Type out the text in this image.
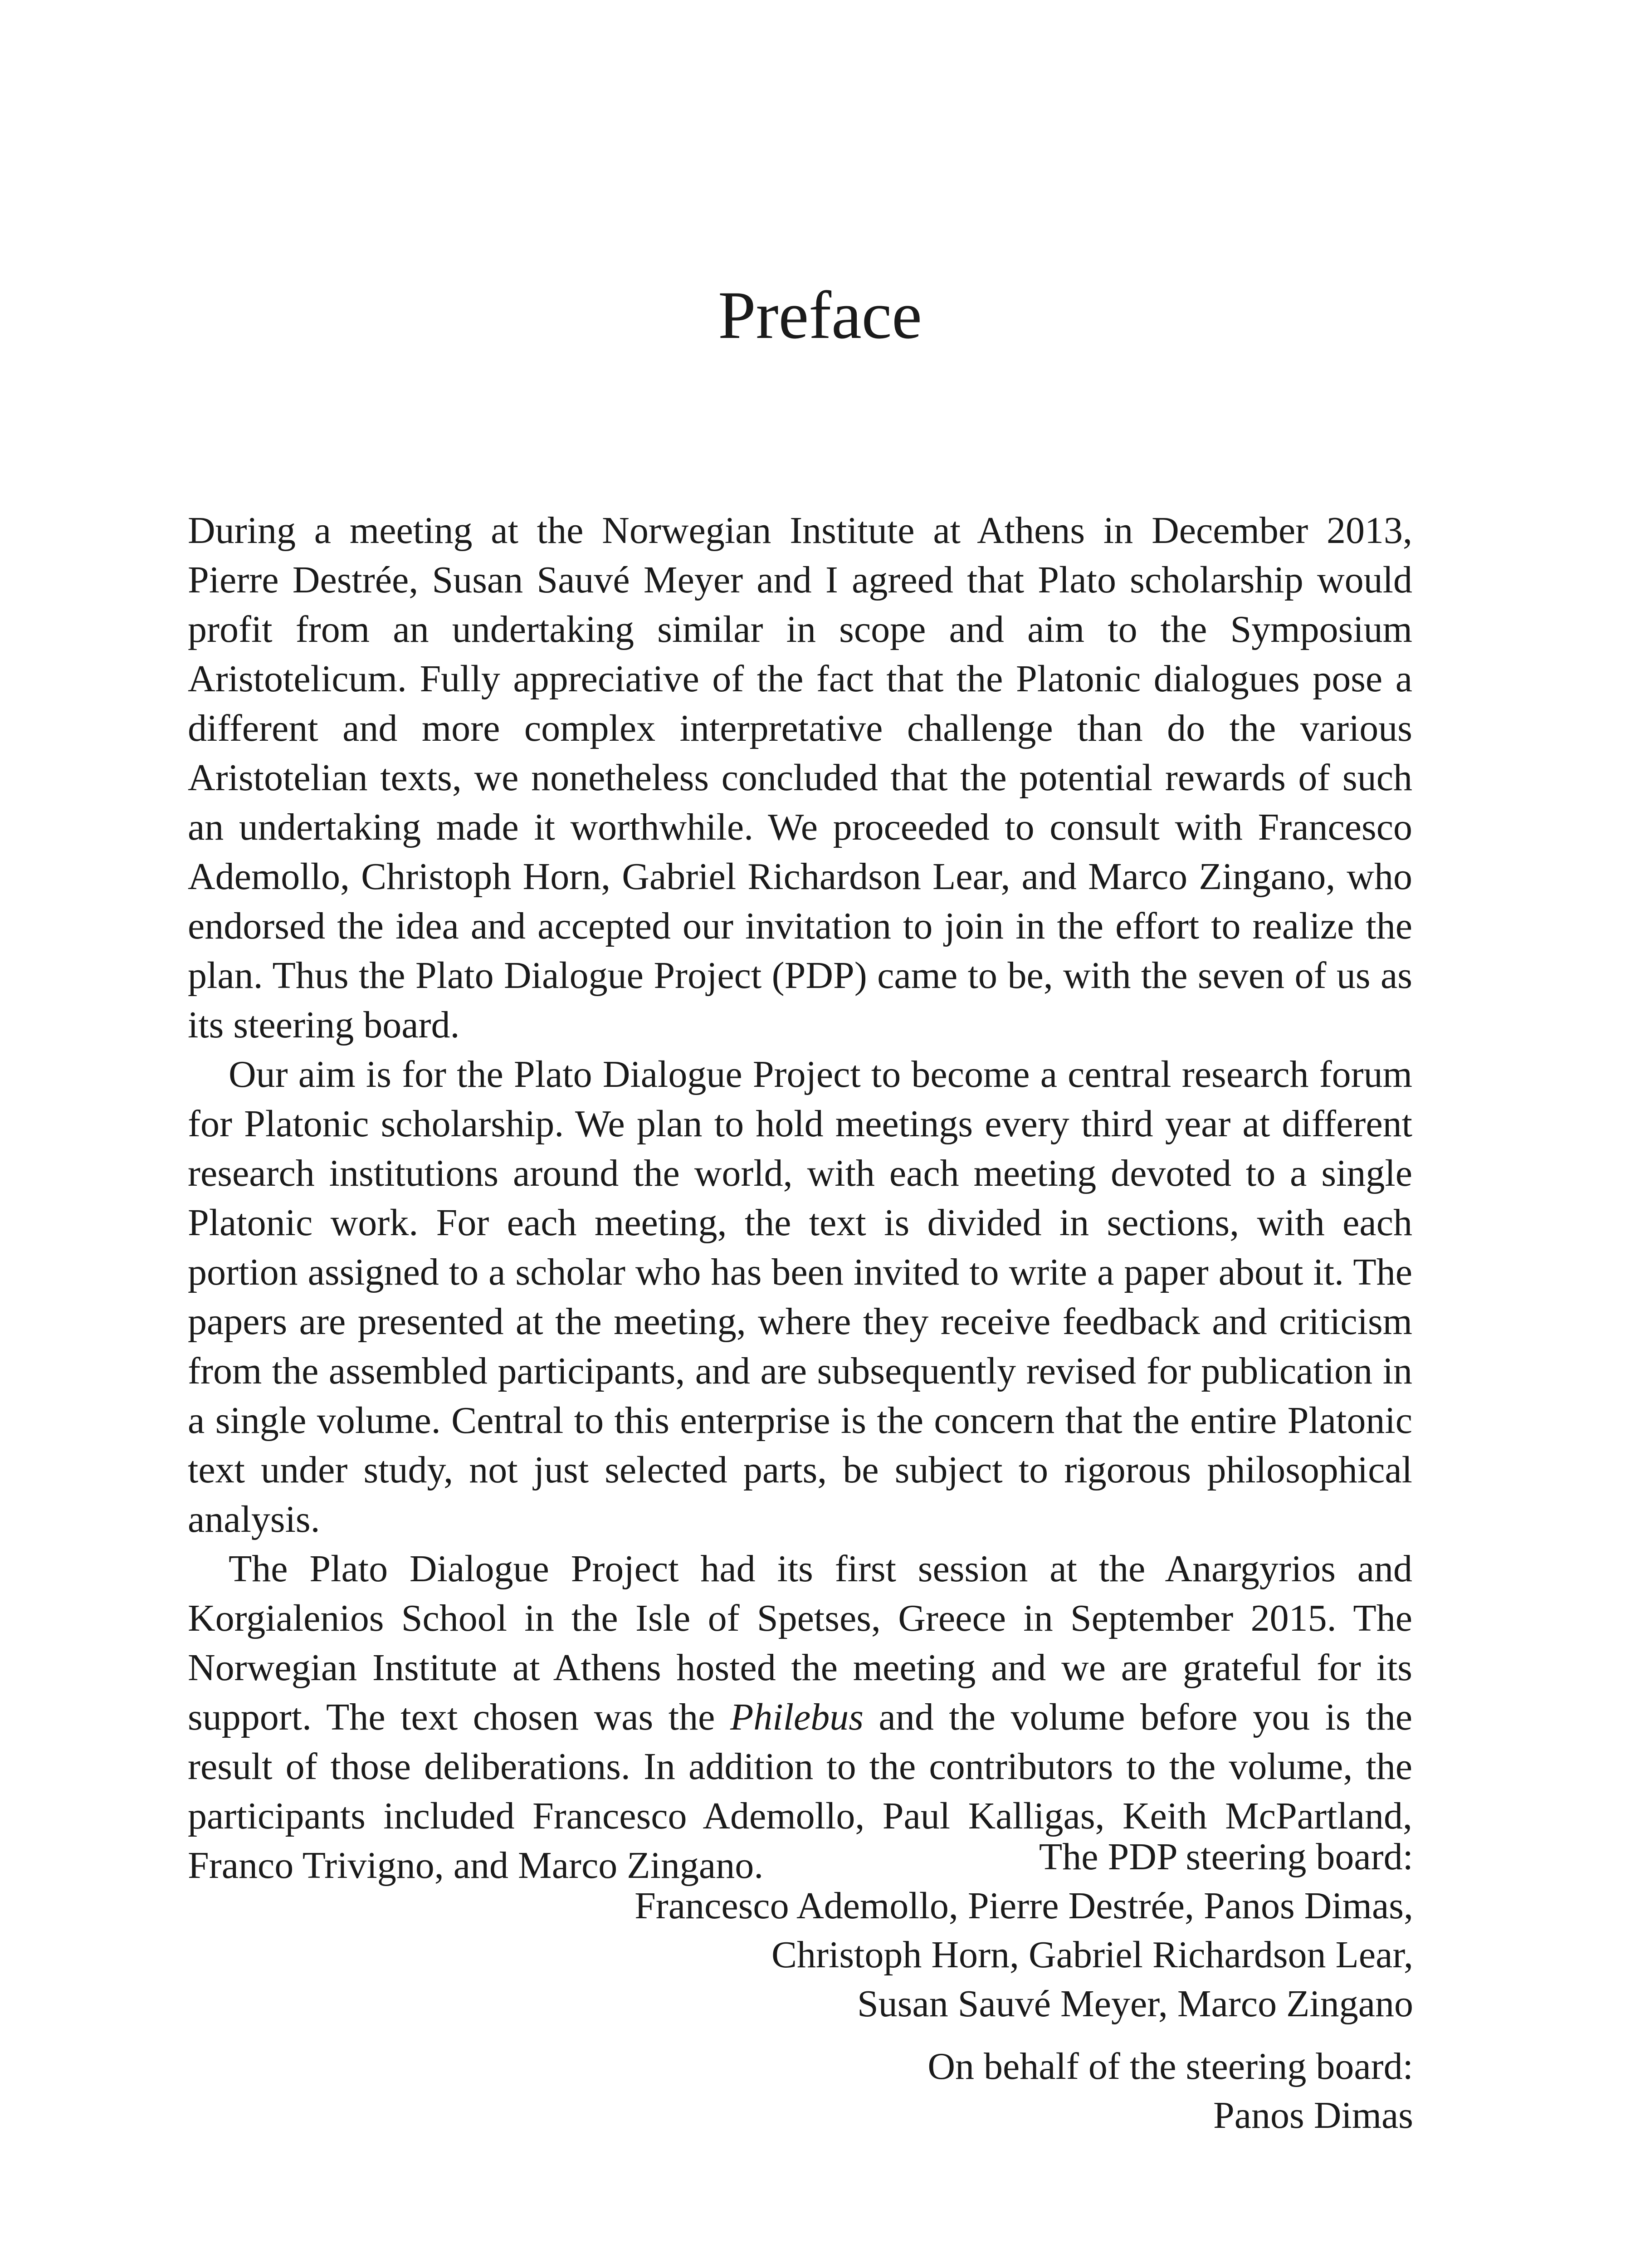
Preface

During a meeting at the Norwegian Institute at Athens in December 2013, Pierre Destrée, Susan Sauvé Meyer and I agreed that Plato scholarship would profit from an undertaking similar in scope and aim to the Symposium Aristotelicum. Fully appreciative of the fact that the Platonic dialogues pose a different and more complex interpretative challenge than do the various Aristotelian texts, we nonetheless concluded that the potential rewards of such an undertaking made it worthwhile. We proceeded to consult with Francesco Ademollo, Christoph Horn, Gabriel Richardson Lear, and Marco Zingano, who endorsed the idea and accepted our invitation to join in the effort to realize the plan. Thus the Plato Dialogue Project (PDP) came to be, with the seven of us as its steering board.

Our aim is for the Plato Dialogue Project to become a central research forum for Platonic scholarship. We plan to hold meetings every third year at different research institutions around the world, with each meeting devoted to a single Platonic work. For each meeting, the text is divided in sections, with each portion assigned to a scholar who has been invited to write a paper about it. The papers are presented at the meeting, where they receive feedback and criticism from the assembled participants, and are subsequently revised for publication in a single volume. Central to this enterprise is the concern that the entire Platonic text under study, not just selected parts, be subject to rigorous philosophical analysis.

The Plato Dialogue Project had its first session at the Anargyrios and Korgialenios School in the Isle of Spetses, Greece in September 2015. The Norwegian Institute at Athens hosted the meeting and we are grateful for its support. The text chosen was the Philebus and the volume before you is the result of those deliberations. In addition to the contributors to the volume, the participants included Francesco Ademollo, Paul Kalligas, Keith McPartland, Franco Trivigno, and Marco Zingano.	The PDP steering board:
Francesco Ademollo, Pierre Destrée, Panos Dimas,
Christoph Horn, Gabriel Richardson Lear,
Susan Sauvé Meyer, Marco Zingano
On behalf of the steering board:
Panos Dimas
